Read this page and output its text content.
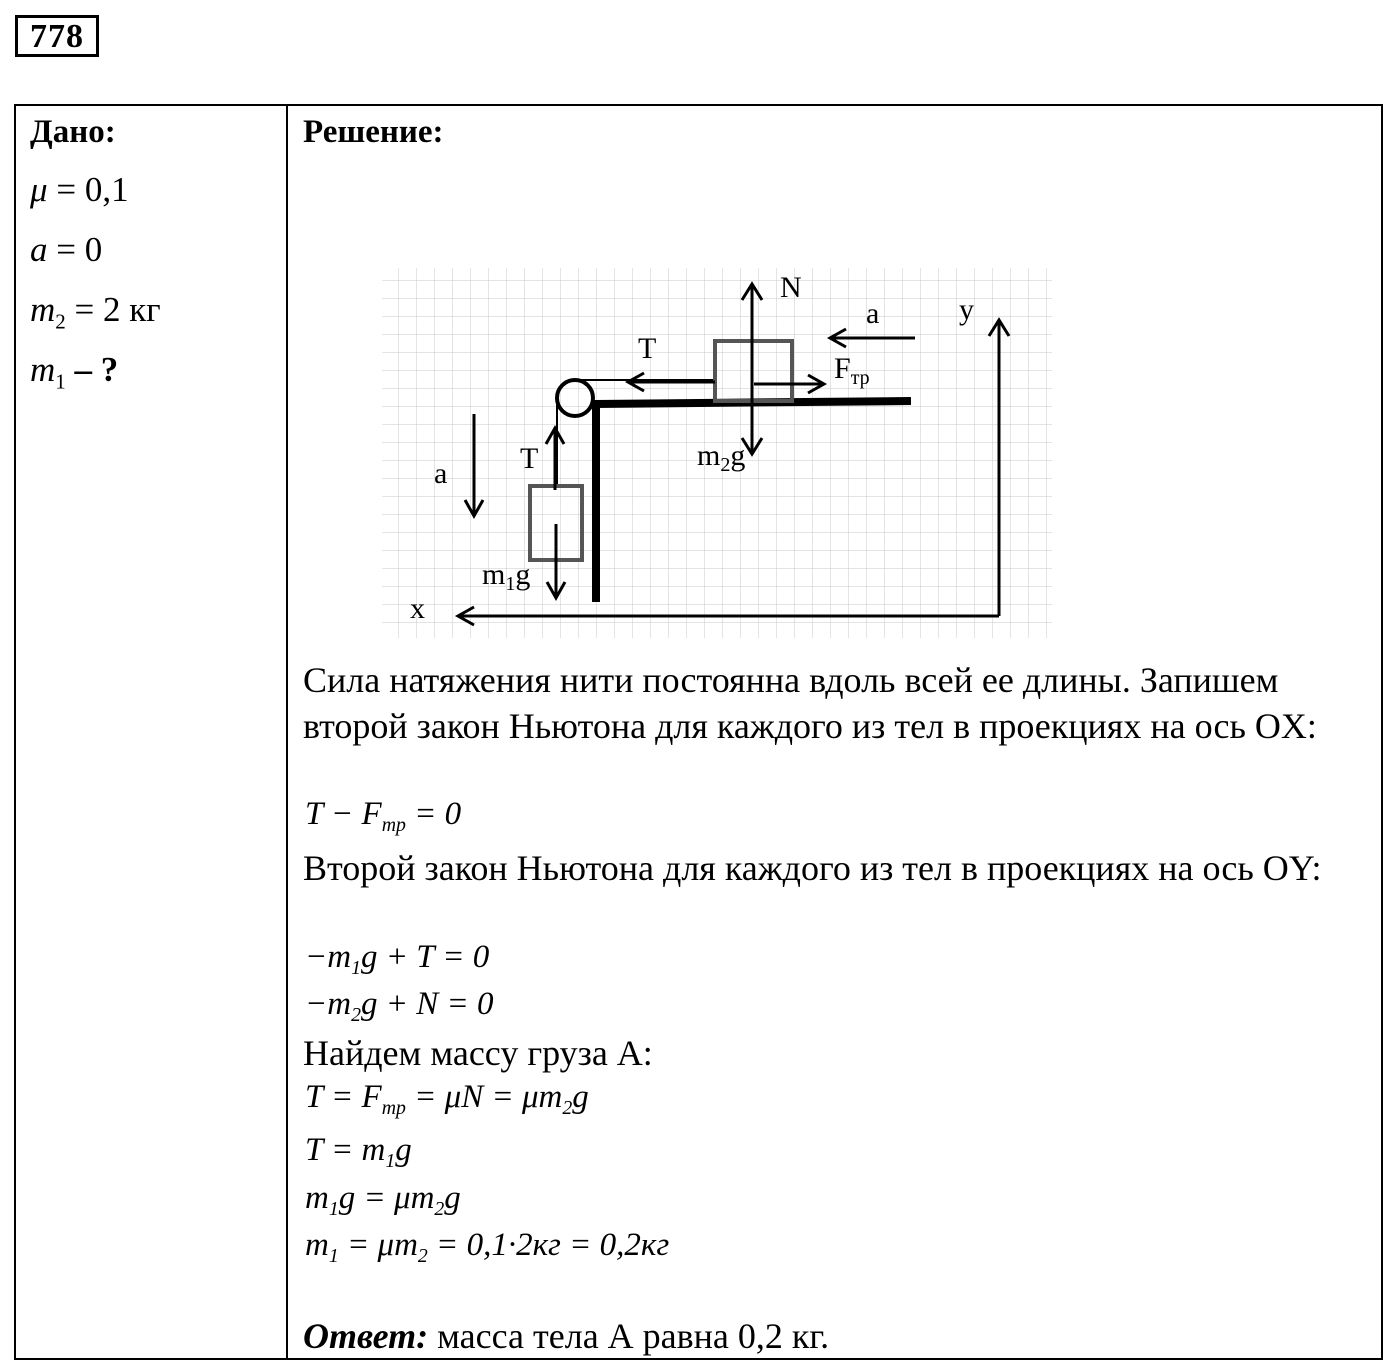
778
Дано:
μ = 0,1
a = 0
$m_2 = 2$ кг
$m_1$ – ?
Решение:
N
a	y
T
$F_{тр}$
T	$m_2g$
a
$m_1g$
x
Сила натяжения нити постоянна вдоль всей ее длины. Запишем второй закон Ньютона для каждого из тел в проекциях на ось OX:
$T - F_{тр} = 0$
Второй закон Ньютона для каждого из тел в проекциях на ось OY:
$-m_1g + T = 0$
$-m_2g + N = 0$
Найдем массу груза А:
$T = F_{тр} = \mu N = \mu m_2g$
$T = m_1g$
$m_1g = \mu m_2g$
$m_1 = \mu m_2 = 0,1\cdot 2кг = 0,2кг$
Ответ: масса тела А равна 0,2 кг.
